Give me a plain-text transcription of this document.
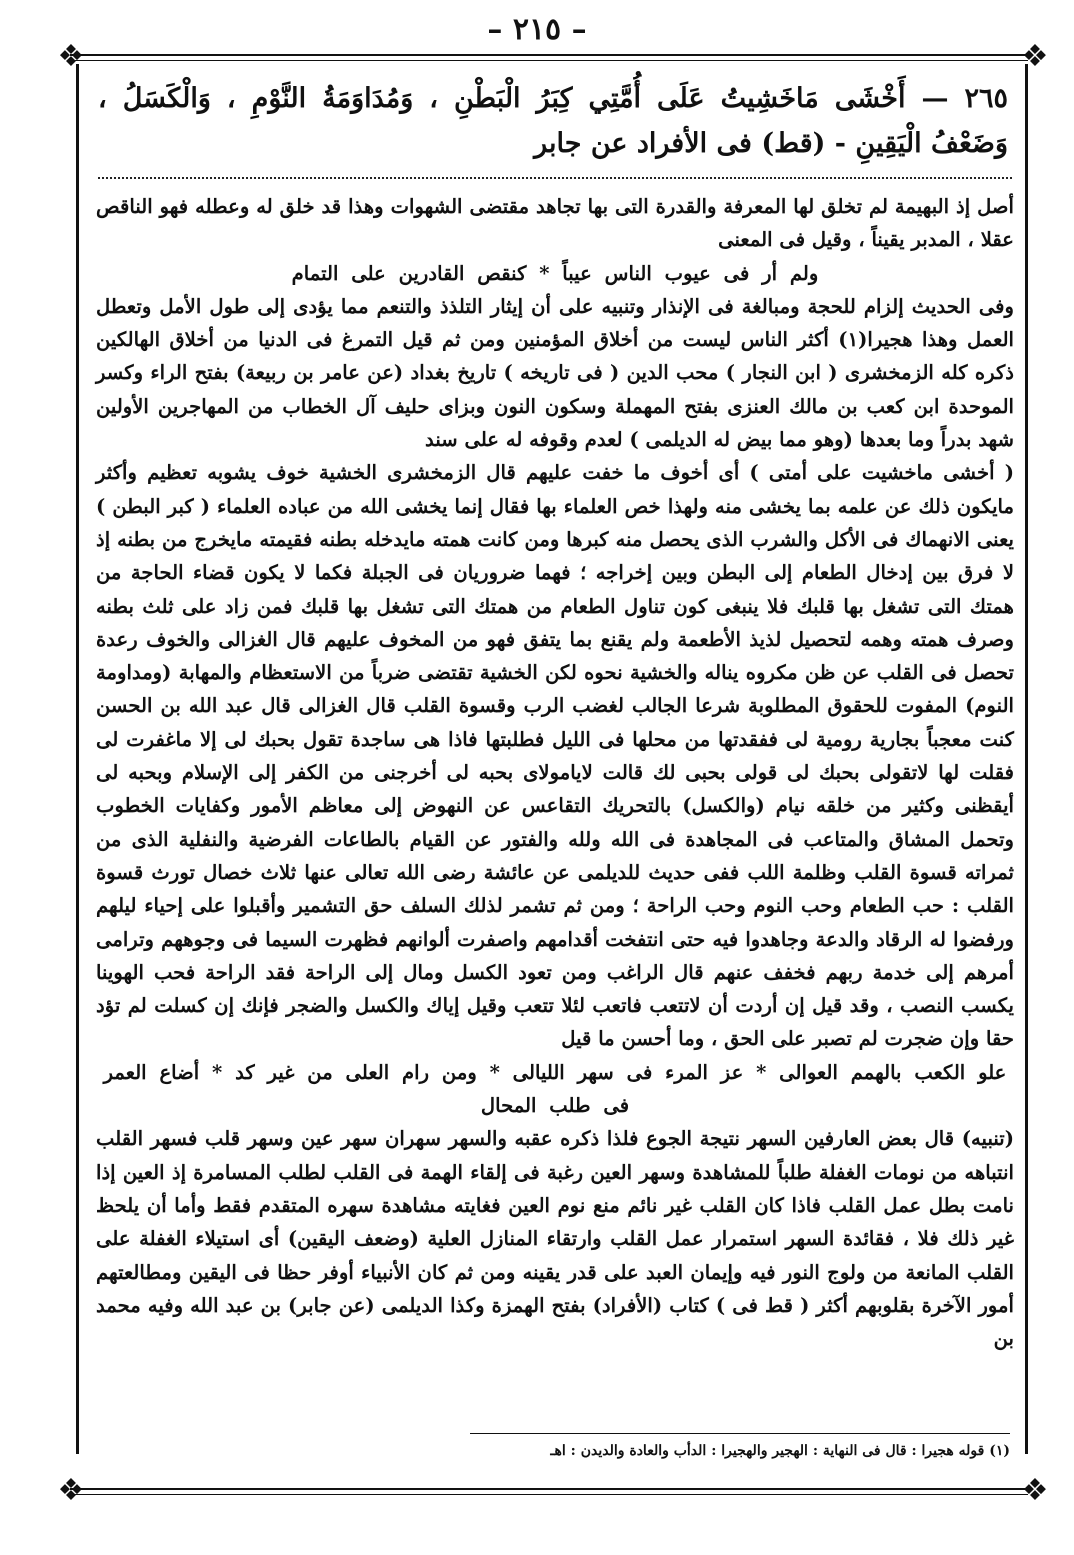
– ٢١٥ –
❖	❖
❖	❖
٢٦٥ — أَخْشَى مَاخَشِيتُ عَلَى أُمَّتِي كِبَرُ الْبَطْنِ ، وَمُدَاوَمَةُ النَّوْمِ ، وَالْكَسَلُ ، وَضَعْفُ الْيَقِينِ - (قط) فى الأفراد عن جابر

أصل إذ البهيمة لم تخلق لها المعرفة والقدرة التى بها تجاهد مقتضى الشهوات وهذا قد خلق له وعطله فهو الناقص عقلا ، المدبر يقيناً ، وقيل فى المعنى

ولم أر فى عيوب الناس عيباً * كنقص القادرين على التمام

وفى الحديث إلزام للحجة ومبالغة فى الإنذار وتنبيه على أن إيثار التلذذ والتنعم مما يؤدى إلى طول الأمل وتعطل العمل وهذا هجيرا(١) أكثر الناس ليست من أخلاق المؤمنين ومن ثم قيل التمرغ فى الدنيا من أخلاق الهالكين ذكره كله الزمخشرى ( ابن النجار ) محب الدين ( فى تاريخه ) تاريخ بغداد (عن عامر بن ربيعة) بفتح الراء وكسر الموحدة ابن كعب بن مالك العنزى بفتح المهملة وسكون النون وبزاى حليف آل الخطاب من المهاجرين الأولين شهد بدراً وما بعدها (وهو مما بيض له الديلمى ) لعدم وقوفه له على سند

( أخشى ماخشيت على أمتى ) أى أخوف ما خفت عليهم قال الزمخشرى الخشية خوف يشوبه تعظيم وأكثر مايكون ذلك عن علمه بما يخشى منه ولهذا خص العلماء بها فقال إنما يخشى الله من عباده العلماء ( كبر البطن ) يعنى الانهماك فى الأكل والشرب الذى يحصل منه كبرها ومن كانت همته مايدخله بطنه فقيمته مايخرج من بطنه إذ لا فرق بين إدخال الطعام إلى البطن وبين إخراجه ؛ فهما ضروريان فى الجبلة فكما لا يكون قضاء الحاجة من همتك التى تشغل بها قلبك فلا ينبغى كون تناول الطعام من همتك التى تشغل بها قلبك فمن زاد على ثلث بطنه وصرف همته وهمه لتحصيل لذيذ الأطعمة ولم يقنع بما يتفق فهو من المخوف عليهم قال الغزالى والخوف رعدة تحصل فى القلب عن ظن مكروه يناله والخشية نحوه لكن الخشية تقتضى ضرباً من الاستعظام والمهابة (ومداومة النوم) المفوت للحقوق المطلوبة شرعا الجالب لغضب الرب وقسوة القلب قال الغزالى قال عبد الله بن الحسن كنت معجباً بجارية رومية لى ففقدتها من محلها فى الليل فطلبتها فاذا هى ساجدة تقول بحبك لى إلا ماغفرت لى فقلت لها لاتقولى بحبك لى قولى بحبى لك قالت لايامولاى بحبه لى أخرجنى من الكفر إلى الإسلام وبحبه لى أيقظنى وكثير من خلقه نيام (والكسل) بالتحريك التقاعس عن النهوض إلى معاظم الأمور وكفايات الخطوب وتحمل المشاق والمتاعب فى المجاهدة فى الله ولله والفتور عن القيام بالطاعات الفرضية والنفلية الذى من ثمراته قسوة القلب وظلمة اللب ففى حديث للديلمى عن عائشة رضى الله تعالى عنها ثلاث خصال تورث قسوة القلب : حب الطعام وحب النوم وحب الراحة ؛ ومن ثم تشمر لذلك السلف حق التشمير وأقبلوا على إحياء ليلهم ورفضوا له الرقاد والدعة وجاهدوا فيه حتى انتفخت أقدامهم واصفرت ألوانهم فظهرت السيما فى وجوههم وترامى أمرهم إلى خدمة ربهم فخفف عنهم قال الراغب ومن تعود الكسل ومال إلى الراحة فقد الراحة فحب الهوينا يكسب النصب ، وقد قيل إن أردت أن لاتتعب فاتعب لئلا تتعب وقيل إياك والكسل والضجر فإنك إن كسلت لم تؤد حقا وإن ضجرت لم تصبر على الحق ، وما أحسن ما قيل

علو الكعب بالهمم العوالى * عز المرء فى سهر الليالى * ومن رام العلى من غير كد * أضاع العمر فى طلب المحال

(تنبيه) قال بعض العارفين السهر نتيجة الجوع فلذا ذكره عقبه والسهر سهران سهر عين وسهر قلب فسهر القلب انتباهه من نومات الغفلة طلباً للمشاهدة وسهر العين رغبة فى إلقاء الهمة فى القلب لطلب المسامرة إذ العين إذا نامت بطل عمل القلب فاذا كان القلب غير نائم منع نوم العين فغايته مشاهدة سهره المتقدم فقط وأما أن يلحظ غير ذلك فلا ، فقائدة السهر استمرار عمل القلب وارتقاء المنازل العلية (وضعف اليقين) أى استيلاء الغفلة على القلب المانعة من ولوج النور فيه وإيمان العبد على قدر يقينه ومن ثم كان الأنبياء أوفر حظا فى اليقين ومطالعتهم أمور الآخرة بقلوبهم أكثر ( قط فى ) كتاب (الأفراد) بفتح الهمزة وكذا الديلمى (عن جابر) بن عبد الله وفيه محمد بن

(١) قوله هجيرا : قال فى النهاية : الهجير والهجيرا : الدأب والعادة والديدن : اهـ
